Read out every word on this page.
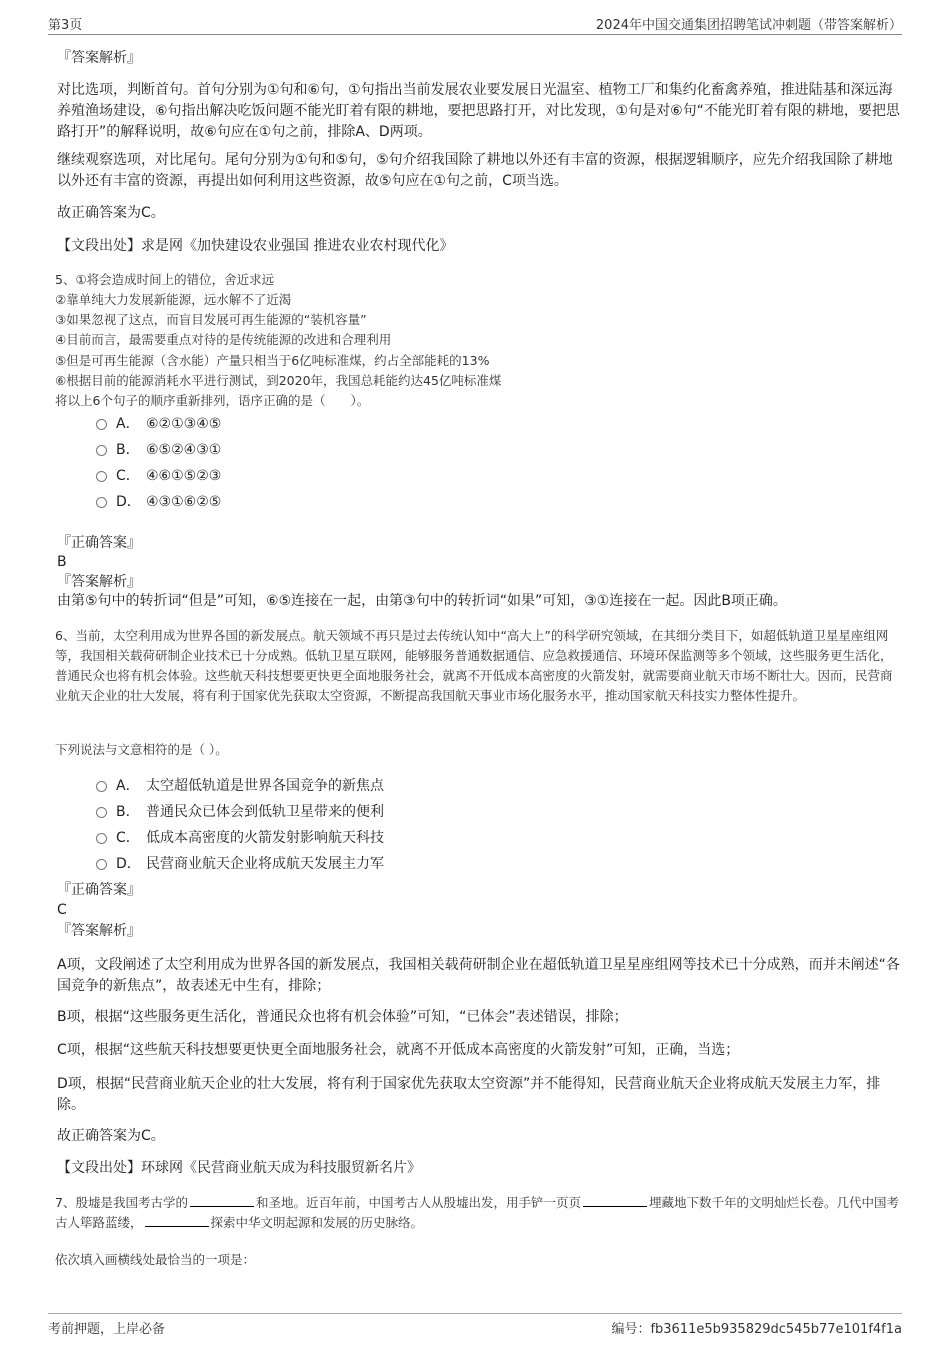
第3页	2024年中国交通集团招聘笔试冲刺题（带答案解析）
『答案解析』
对比选项，判断首句。首句分别为①句和⑥句，①句指出当前发展农业要发展日光温室、植物工厂和集约化畜禽养殖，推进陆基和深远海养殖渔场建设，⑥句指出解决吃饭问题不能光盯着有限的耕地，要把思路打开，对比发现，①句是对⑥句“不能光盯着有限的耕地，要把思路打开”的解释说明，故⑥句应在①句之前，排除A、D两项。
继续观察选项，对比尾句。尾句分别为①句和⑤句，⑤句介绍我国除了耕地以外还有丰富的资源，根据逻辑顺序，应先介绍我国除了耕地以外还有丰富的资源，再提出如何利用这些资源，故⑤句应在①句之前，C项当选。
故正确答案为C。
【文段出处】求是网《加快建设农业强国 推进农业农村现代化》
5、①将会造成时间上的错位，舍近求远
②靠单纯大力发展新能源，远水解不了近渴
③如果忽视了这点，而盲目发展可再生能源的“装机容量”
④目前而言，最需要重点对待的是传统能源的改进和合理利用
⑤但是可再生能源（含水能）产量只相当于6亿吨标准煤，约占全部能耗的13%
⑥根据目前的能源消耗水平进行测试，到2020年，我国总耗能约达45亿吨标准煤
将以上6个句子的顺序重新排列，语序正确的是（　　）。
A． ⑥②①③④⑤
B． ⑥⑤②④③①
C． ④⑥①⑤②③
D． ④③①⑥②⑤
『正确答案』
B
『答案解析』
由第⑤句中的转折词“但是”可知，⑥⑤连接在一起，由第③句中的转折词“如果”可知，③①连接在一起。因此B项正确。
6、当前，太空利用成为世界各国的新发展点。航天领域不再只是过去传统认知中“高大上”的科学研究领域，在其细分类目下，如超低轨道卫星星座组网等，我国相关载荷研制企业技术已十分成熟。低轨卫星互联网，能够服务普通数据通信、应急救援通信、环境环保监测等多个领域，这些服务更生活化，普通民众也将有机会体验。这些航天科技想要更快更全面地服务社会，就离不开低成本高密度的火箭发射，就需要商业航天市场不断壮大。因而，民营商业航天企业的壮大发展，将有利于国家优先获取太空资源，不断提高我国航天事业市场化服务水平，推动国家航天科技实力整体性提升。
下列说法与文意相符的是（ ）。
A． 太空超低轨道是世界各国竞争的新焦点
B． 普通民众已体会到低轨卫星带来的便利
C． 低成本高密度的火箭发射影响航天科技
D． 民营商业航天企业将成航天发展主力军
『正确答案』
C
『答案解析』
A项，文段阐述了太空利用成为世界各国的新发展点，我国相关载荷研制企业在超低轨道卫星星座组网等技术已十分成熟，而并未阐述“各国竞争的新焦点”，故表述无中生有，排除；
B项，根据“这些服务更生活化，普通民众也将有机会体验”可知，“已体会”表述错误，排除；
C项，根据“这些航天科技想要更快更全面地服务社会，就离不开低成本高密度的火箭发射”可知，正确，当选；
D项，根据“民营商业航天企业的壮大发展，将有利于国家优先获取太空资源”并不能得知，民营商业航天企业将成航天发展主力军，排除。
故正确答案为C。
【文段出处】环球网《民营商业航天成为科技服贸新名片》
7、殷墟是我国考古学的	和圣地。近百年前，中国考古人从殷墟出发，用手铲一页页	埋藏地下数千年的文明灿烂长卷。几代中国考古人筚路蓝缕，	探索中华文明起源和发展的历史脉络。
依次填入画横线处最恰当的一项是：
考前押题，上岸必备	编号：fb3611e5b935829dc545b77e101f4f1a
